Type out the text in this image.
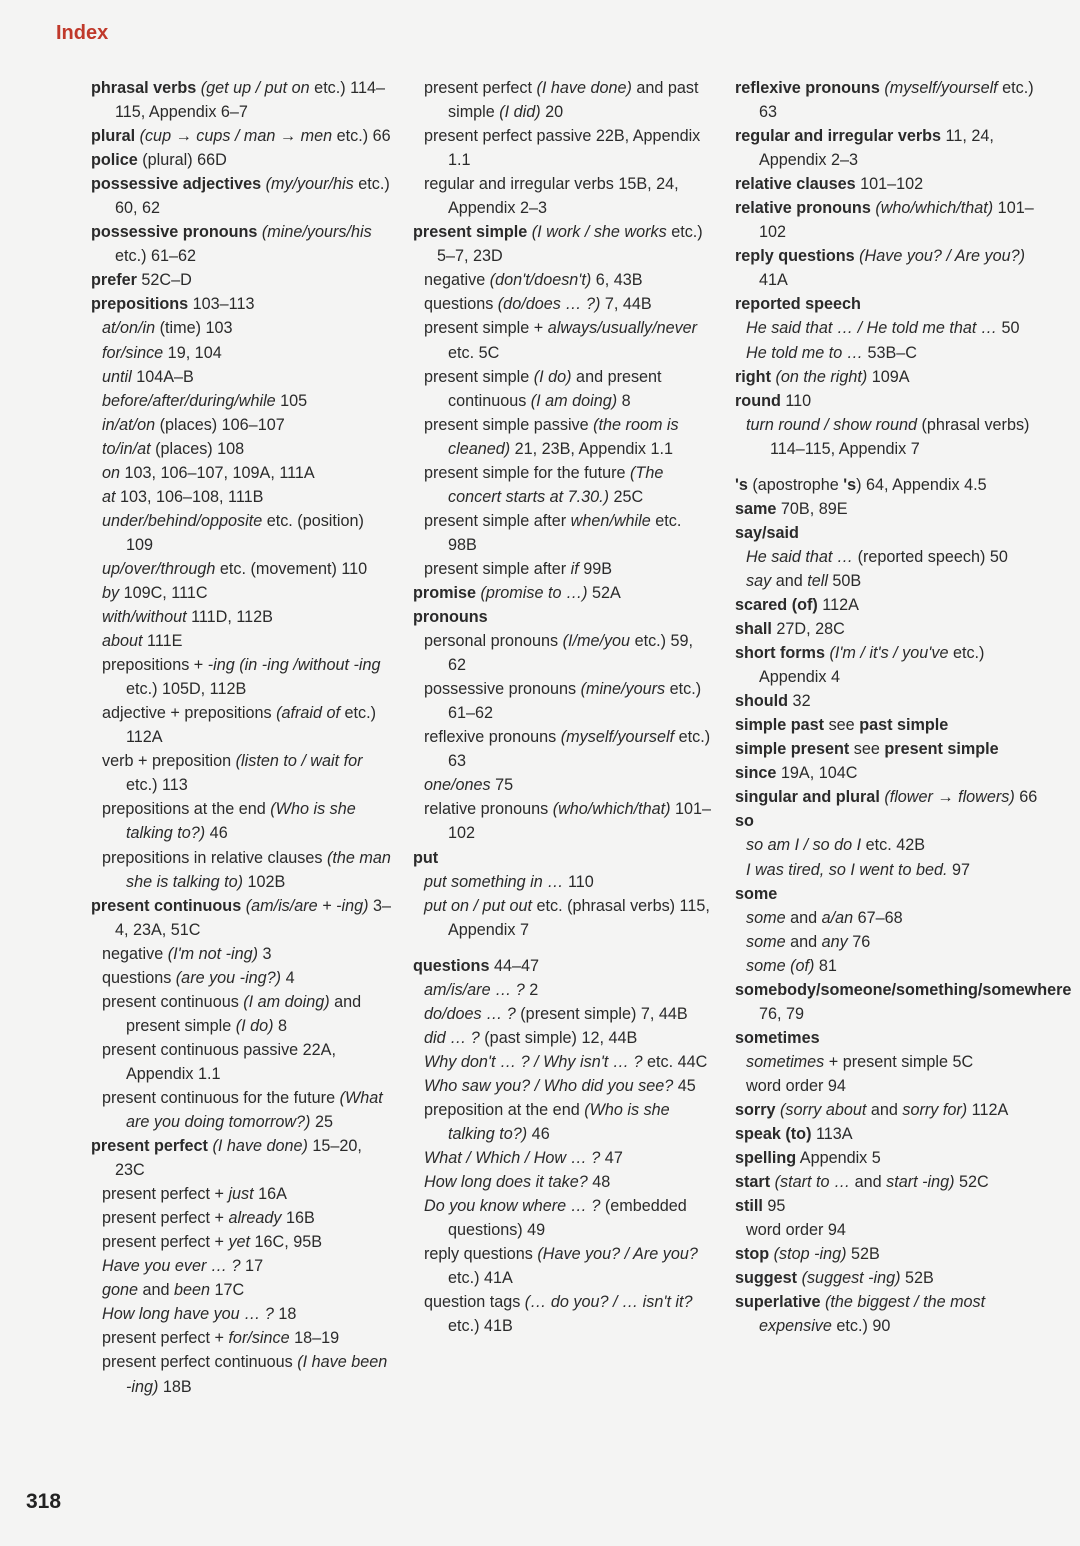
Index
phrasal verbs (get up / put on etc.) 114–115, Appendix 6–7
plural (cup → cups / man → men etc.) 66
police (plural) 66D
possessive adjectives (my/your/his etc.) 60, 62
possessive pronouns (mine/yours/his etc.) 61–62
prefer 52C–D
prepositions 103–113
at/on/in (time) 103
for/since 19, 104
until 104A–B
before/after/during/while 105
in/at/on (places) 106–107
to/in/at (places) 108
on 103, 106–107, 109A, 111A
at 103, 106–108, 111B
under/behind/opposite etc. (position) 109
up/over/through etc. (movement) 110
by 109C, 111C
with/without 111D, 112B
about 111E
prepositions + -ing (in -ing /without -ing etc.) 105D, 112B
adjective + prepositions (afraid of etc.) 112A
verb + preposition (listen to / wait for etc.) 113
prepositions at the end (Who is she talking to?) 46
prepositions in relative clauses (the man she is talking to) 102B
present continuous (am/is/are + -ing) 3–4, 23A, 51C
negative (I'm not -ing) 3
questions (are you -ing?) 4
present continuous (I am doing) and present simple (I do) 8
present continuous passive 22A, Appendix 1.1
present continuous for the future (What are you doing tomorrow?) 25
present perfect (I have done) 15–20, 23C
present perfect + just 16A
present perfect + already 16B
present perfect + yet 16C, 95B
Have you ever … ? 17
gone and been 17C
How long have you … ? 18
present perfect + for/since 18–19
present perfect continuous (I have been -ing) 18B
present perfect (I have done) and past simple (I did) 20
present perfect passive 22B, Appendix 1.1
regular and irregular verbs 15B, 24, Appendix 2–3
present simple (I work / she works etc.) 5–7, 23D
negative (don't/doesn't) 6, 43B
questions (do/does … ?) 7, 44B
present simple + always/usually/never etc. 5C
present simple (I do) and present continuous (I am doing) 8
present simple passive (the room is cleaned) 21, 23B, Appendix 1.1
present simple for the future (The concert starts at 7.30.) 25C
present simple after when/while etc. 98B
present simple after if 99B
promise (promise to …) 52A
pronouns
personal pronouns (I/me/you etc.) 59, 62
possessive pronouns (mine/yours etc.) 61–62
reflexive pronouns (myself/yourself etc.) 63
one/ones 75
relative pronouns (who/which/that) 101–102
put
put something in … 110
put on / put out etc. (phrasal verbs) 115, Appendix 7
questions 44–47
am/is/are … ? 2
do/does … ? (present simple) 7, 44B
did … ? (past simple) 12, 44B
Why don't … ? / Why isn't … ? etc. 44C
Who saw you? / Who did you see? 45
preposition at the end (Who is she talking to?) 46
What / Which / How … ? 47
How long does it take? 48
Do you know where … ? (embedded questions) 49
reply questions (Have you? / Are you? etc.) 41A
question tags (… do you? / … isn't it? etc.) 41B
reflexive pronouns (myself/yourself etc.) 63
regular and irregular verbs 11, 24, Appendix 2–3
relative clauses 101–102
relative pronouns (who/which/that) 101–102
reply questions (Have you? / Are you?) 41A
reported speech
He said that … / He told me that … 50
He told me to … 53B–C
right (on the right) 109A
round 110
turn round / show round (phrasal verbs) 114–115, Appendix 7
's (apostrophe 's) 64, Appendix 4.5
same 70B, 89E
say/said
He said that … (reported speech) 50
say and tell 50B
scared (of) 112A
shall 27D, 28C
short forms (I'm / it's / you've etc.) Appendix 4
should 32
simple past see past simple
simple present see present simple
since 19A, 104C
singular and plural (flower → flowers) 66
so
so am I / so do I etc. 42B
I was tired, so I went to bed. 97
some
some and a/an 67–68
some and any 76
some (of) 81
somebody/someone/something/somewhere 76, 79
sometimes
sometimes + present simple 5C
word order 94
sorry (sorry about and sorry for) 112A
speak (to) 113A
spelling Appendix 5
start (start to … and start -ing) 52C
still 95
word order 94
stop (stop -ing) 52B
suggest (suggest -ing) 52B
superlative (the biggest / the most expensive etc.) 90
318
